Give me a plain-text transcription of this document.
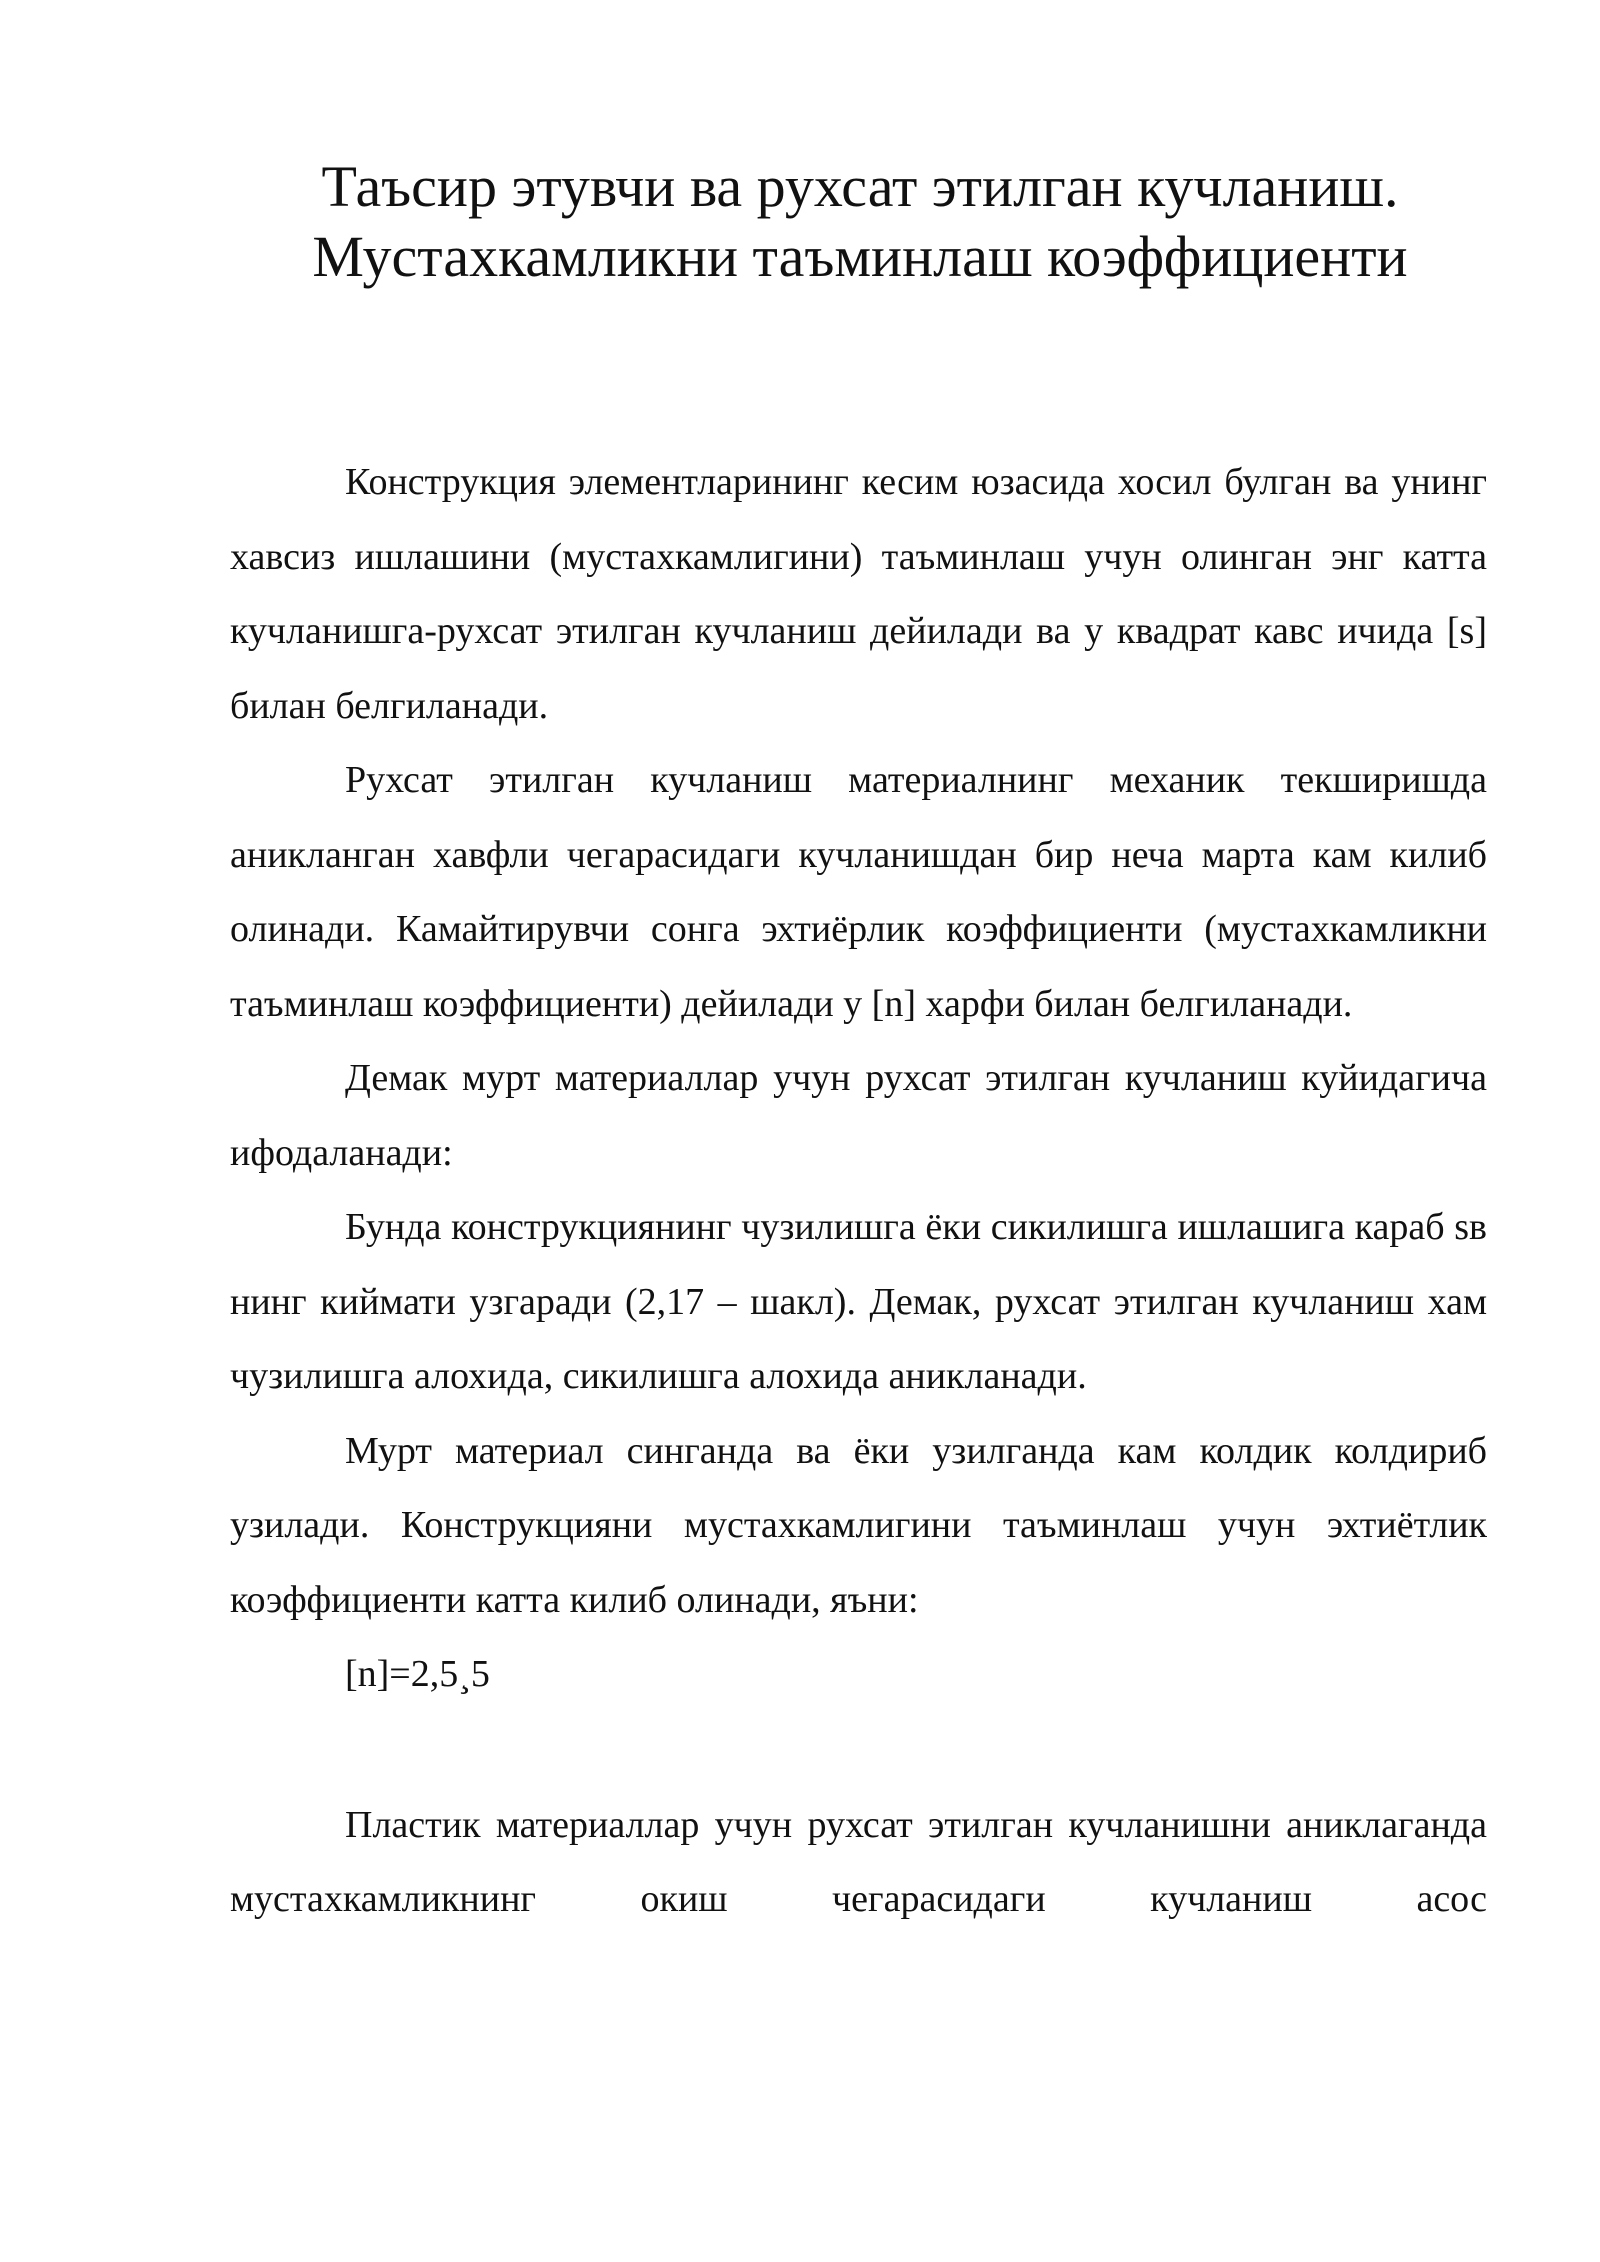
Таъсир этувчи ва рухсат этилган кучланиш.
Мустахкамликни таъминлаш коэффициенти

Конструкция элементларининг кесим юзасида хосил булган ва унинг хавсиз ишлашини (мустахкамлигини) таъминлаш учун олинган энг катта кучланишга-рухсат этилган кучланиш дейилади ва у квадрат кавс ичида [s] билан белгиланади.

Рухсат этилган кучланиш материалнинг механик текширишда аникланган хавфли чегарасидаги кучланишдан бир неча марта кам килиб олинади. Камайтирувчи сонга эхтиёрлик коэффициенти (мустахкамликни таъминлаш коэффициенти) дейилади у [n] харфи билан белгиланади.

Демак мурт материаллар учун рухсат этилган кучланиш куйидагича ифодаланади:

Бунда конструкциянинг чузилишга ёки сикилишга ишлашига караб sв нинг киймати узгаради (2,17 – шакл). Демак, рухсат этилган кучланиш хам чузилишга алохида, сикилишга алохида аникланади.

Мурт материал синганда ва ёки узилганда кам колдик колдириб узилади. Конструкцияни мустахкамлигини таъминлаш учун эхтиётлик коэффициенти катта килиб олинади, яъни:

[n]=2,5¸5

Пластик материаллар учун рухсат этилган кучланишни аниклаганда мустахкамликнинг окиш чегарасидаги кучланиш асос
